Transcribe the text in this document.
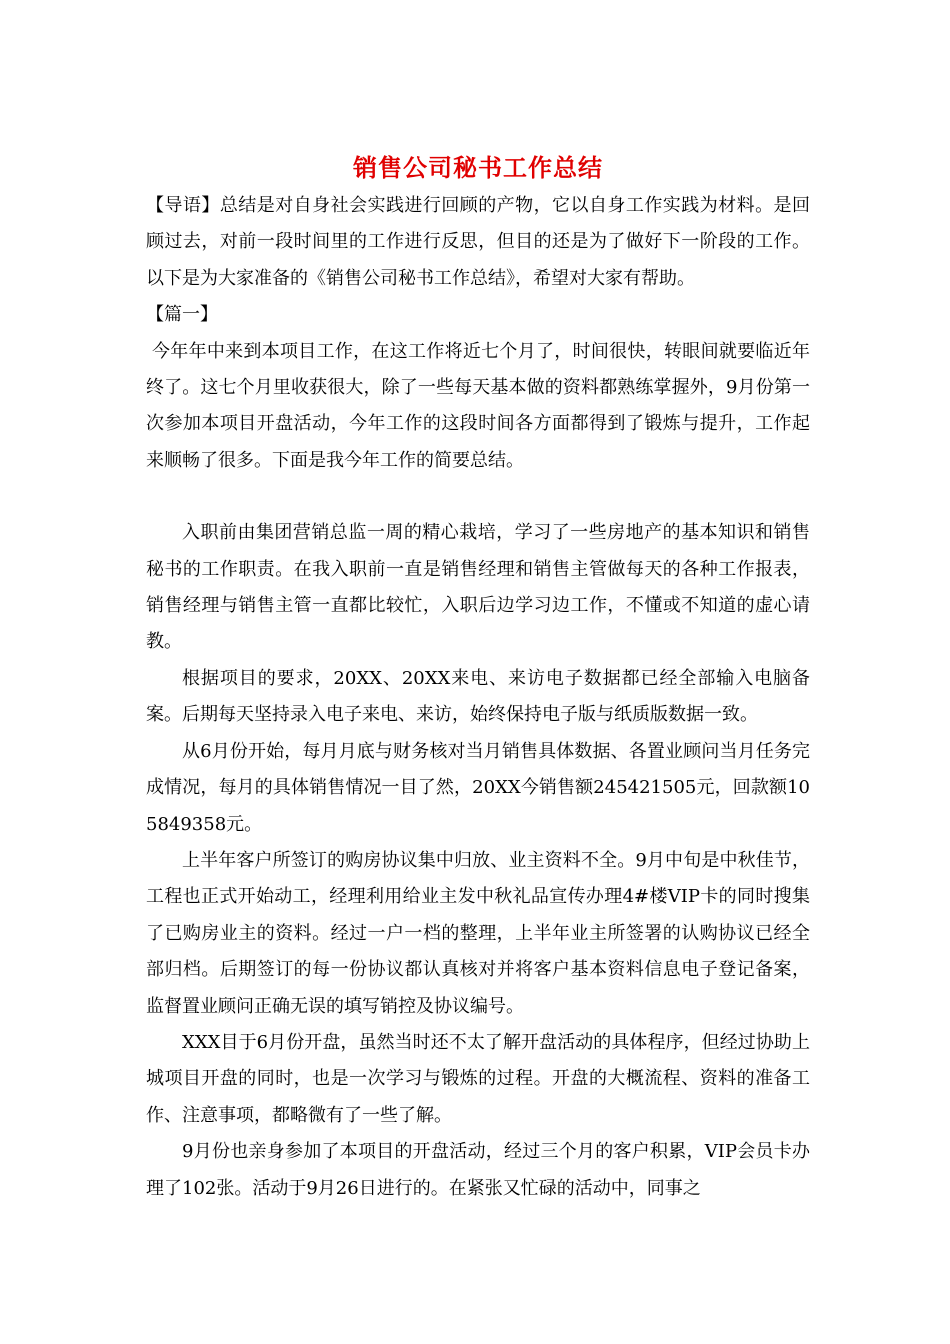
销售公司秘书工作总结

【导语】总结是对自身社会实践进行回顾的产物，它以自身工作实践为材料。是回顾过去，对前一段时间里的工作进行反思，但目的还是为了做好下一阶段的工作。以下是为大家准备的《销售公司秘书工作总结》，希望对大家有帮助。

【篇一】

今年年中来到本项目工作，在这工作将近七个月了，时间很快，转眼间就要临近年终了。这七个月里收获很大，除了一些每天基本做的资料都熟练掌握外，9月份第一次参加本项目开盘活动，今年工作的这段时间各方面都得到了锻炼与提升，工作起来顺畅了很多。下面是我今年工作的简要总结。

入职前由集团营销总监一周的精心栽培，学习了一些房地产的基本知识和销售秘书的工作职责。在我入职前一直是销售经理和销售主管做每天的各种工作报表，销售经理与销售主管一直都比较忙，入职后边学习边工作，不懂或不知道的虚心请教。

根据项目的要求，20XX、20XX来电、来访电子数据都已经全部输入电脑备案。后期每天坚持录入电子来电、来访，始终保持电子版与纸质版数据一致。

从6月份开始，每月月底与财务核对当月销售具体数据、各置业顾问当月任务完成情况，每月的具体销售情况一目了然，20XX今销售额245421505元，回款额105849358元。

上半年客户所签订的购房协议集中归放、业主资料不全。9月中旬是中秋佳节，工程也正式开始动工，经理利用给业主发中秋礼品宣传办理4#楼VIP卡的同时搜集了已购房业主的资料。经过一户一档的整理，上半年业主所签署的认购协议已经全部归档。后期签订的每一份协议都认真核对并将客户基本资料信息电子登记备案，监督置业顾问正确无误的填写销控及协议编号。

XXX目于6月份开盘，虽然当时还不太了解开盘活动的具体程序，但经过协助上城项目开盘的同时，也是一次学习与锻炼的过程。开盘的大概流程、资料的准备工作、注意事项，都略微有了一些了解。

9月份也亲身参加了本项目的开盘活动，经过三个月的客户积累，VIP会员卡办理了102张。活动于9月26日进行的。在紧张又忙碌的活动中，同事之
